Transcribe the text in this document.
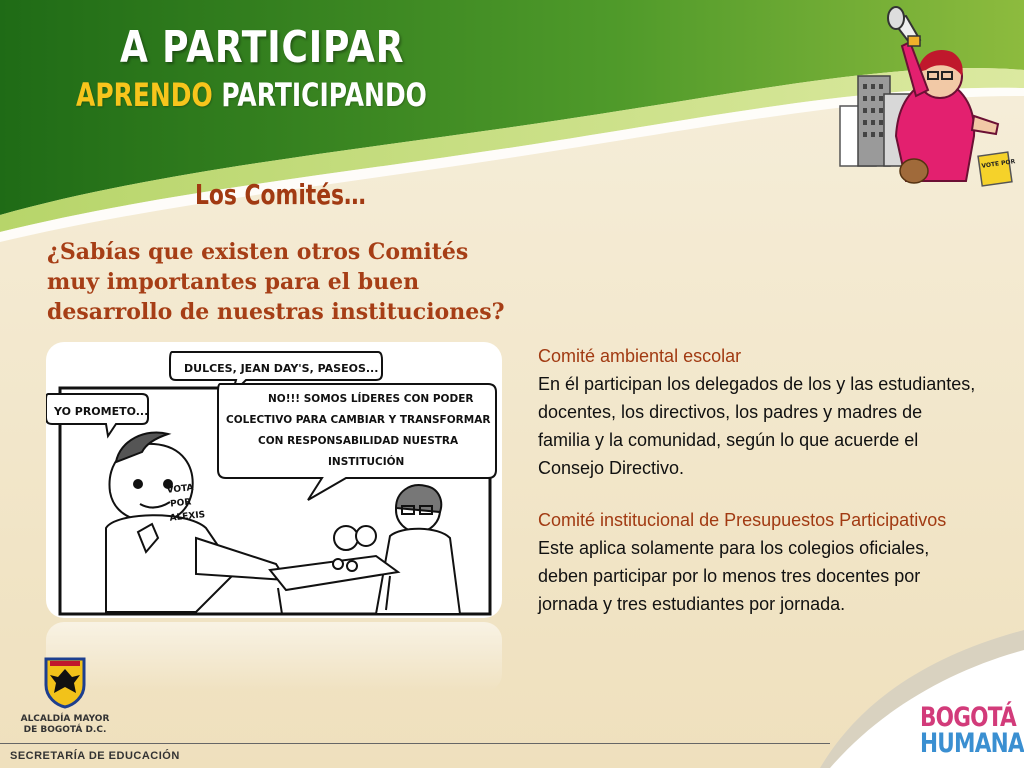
A PARTICIPAR
APRENDO PARTICIPANDO
VOTE POR
Los Comités…
¿Sabías que existen otros Comités muy importantes para el buen desarrollo de nuestras instituciones?
DULCES, JEAN DAY'S, PASEOS...
YO PROMETO...
NO!!! SOMOS LÍDERES CON PODER
COLECTIVO PARA CAMBIAR Y TRANSFORMAR
CON RESPONSABILIDAD NUESTRA
INSTITUCIÓN
VOTA
POR
ALEXIS

Comité ambiental escolar

En él participan los delegados de los y las estudiantes, docentes, los directivos, los padres y madres de familia y la comunidad, según lo que acuerde el Consejo Directivo.

Comité institucional de Presupuestos Participativos

Este aplica solamente para los colegios oficiales, deben participar por lo menos tres docentes por jornada y tres estudiantes por jornada.

ALCALDÍA MAYOR
DE BOGOTÁ D.C.
SECRETARÍA DE EDUCACIÓN
BOGOTÁ
HUMANA
